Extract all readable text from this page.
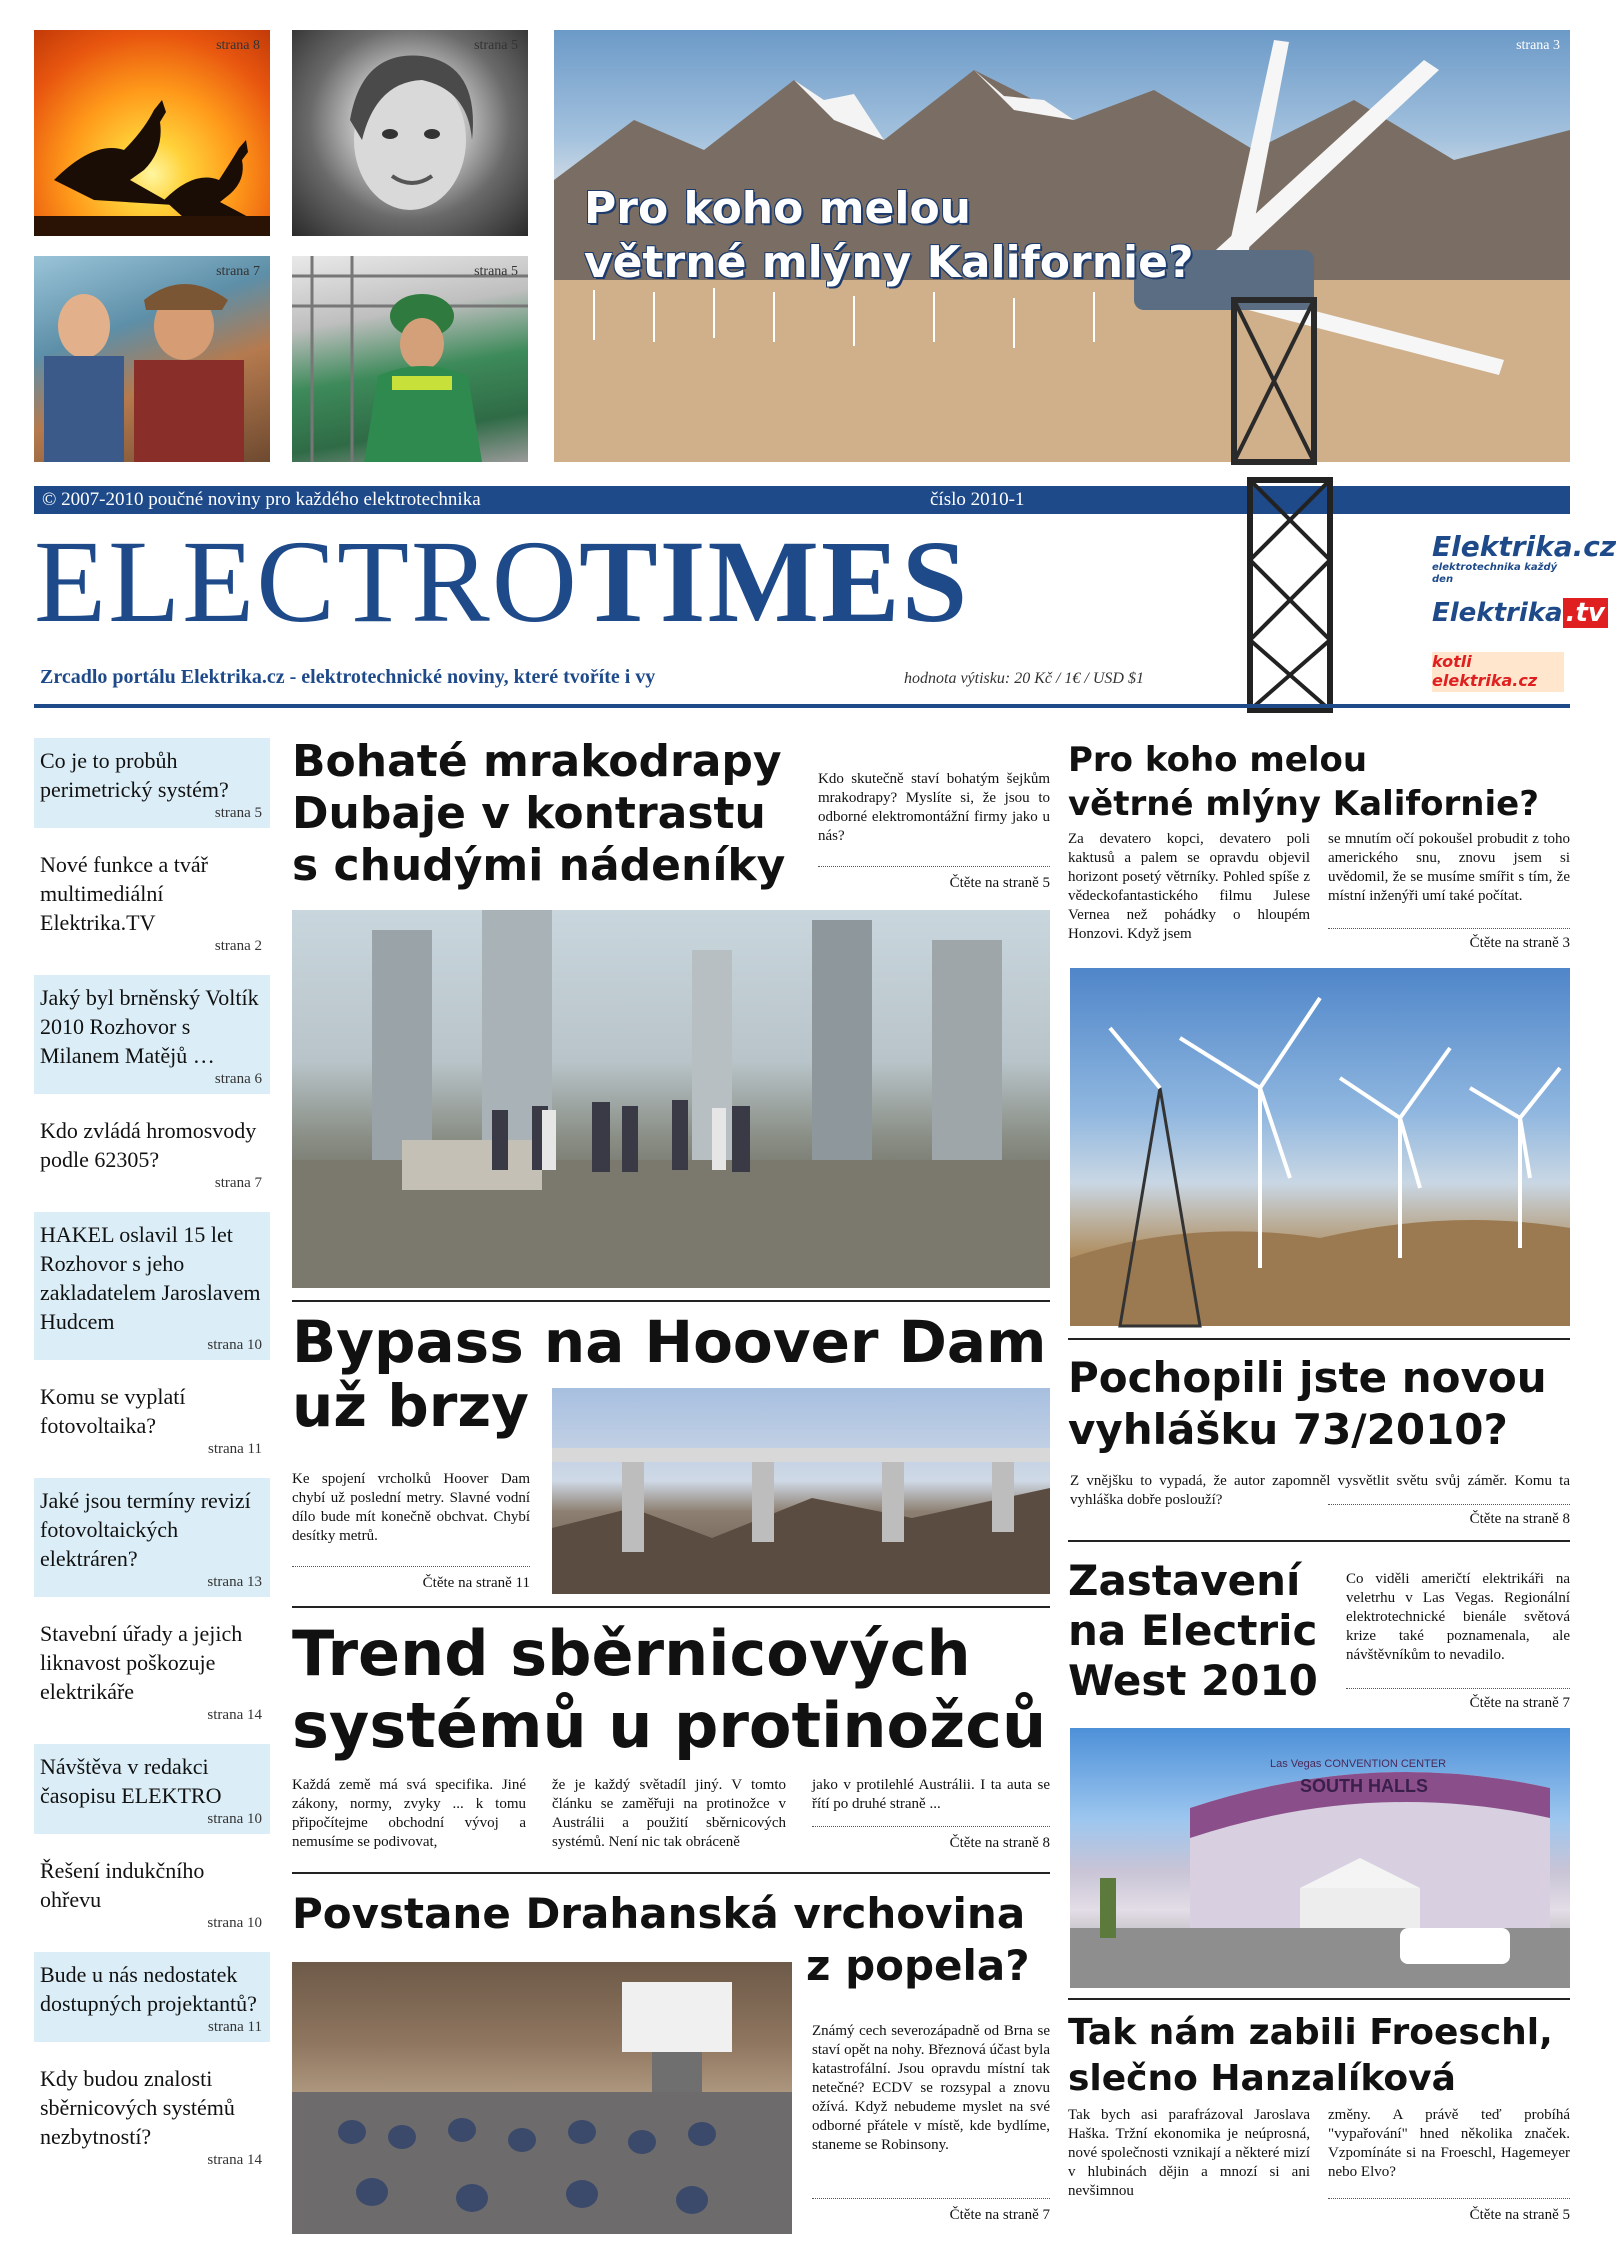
strana 8	strana 5
strana 7	strana 5
strana 3
Pro koho melou
větrné mlýny Kalifornie?
© 2007-2010 poučné noviny pro každého elektrotechnika	číslo 2010-1
ELECTROTIMES	Elektrika.cz
elektrotechnika každý den
Elektrika .tv
kotli elektrika.cz
Zrcadlo portálu Elektrika.cz - elektrotechnické noviny, které tvoříte i vy	hodnota výtisku: 20 Kč / 1€ / USD $1
Co je to probůh perimetrický systém?
strana 5
Nové funkce a tvář multimediální Elektrika.TV
strana 2
Jaký byl brněnský Voltík 2010 Rozhovor s Milanem Matějů …
strana 6
Kdo zvládá hromosvody podle 62305?
strana 7
HAKEL oslavil 15 let Rozhovor s jeho zakladatelem Jaroslavem Hudcem
strana 10
Komu se vyplatí fotovoltaika?
strana 11
Jaké jsou termíny revizí fotovoltaických elektráren?
strana 13
Stavební úřady a jejich liknavost poškozuje elektrikáře
strana 14
Návštěva v redakci časopisu ELEKTRO
strana 10
Řešení indukčního ohřevu
strana 10
Bude u nás nedostatek dostupných projektantů?
strana 11
Kdy budou znalosti sběrnicových systémů nezbytností?
strana 14
Bohaté mrakodrapy
Dubaje v kontrastu
s chudými nádeníky
Kdo skutečně staví bohatým šejkům mrakodrapy? Myslíte si, že jsou to odborné elektromontážní firmy jako u nás?
Čtěte na straně 5
Bypass na Hoover Dam
už brzy
Ke spojení vrcholků Hoover Dam chybí už poslední metry. Slavné vodní dílo bude mít konečně obchvat. Chybí desítky metrů.
Čtěte na straně 11
Trend sběrnicových
systémů u protinožců
Každá země má svá specifika. Jiné zákony, normy, zvyky ... k tomu připočítejme obchodní vývoj a nemusíme se podivovat,
že je každý světadíl jiný. V tomto článku se zaměřuji na protinožce v Austrálii a použití sběrnicových systémů. Není nic tak obráceně
jako v protilehlé Austrálii. I ta auta se řítí po druhé straně ...
Čtěte na straně 8
Povstane Drahanská vrchovina
z popela?
Známý cech severozápadně od Brna se staví opět na nohy. Březnová účast byla katastrofální. Jsou opravdu místní tak netečné? ECDV se rozsypal a znovu ožívá. Když nebudeme myslet na své odborné přátele v místě, kde bydlíme, staneme se Robinsony.
Čtěte na straně 7
Pro koho melou
větrné mlýny Kalifornie?
Za devatero kopci, devatero poli kaktusů a palem se opravdu objevil horizont posetý větrníky. Pohled spíše z vědeckofantastického filmu Julese Vernea než pohádky o hloupém Honzovi. Když jsem
se mnutím očí pokoušel probudit z toho amerického snu, znovu jsem si uvědomil, že se musíme smířit s tím, že místní inženýři umí také počítat.
Čtěte na straně 3
Pochopili jste novou
vyhlášku 73/2010?
Z vnějšku to vypadá, že autor zapomněl vysvětlit světu svůj záměr. Komu ta vyhláška dobře poslouží?
Čtěte na straně 8
Zastavení
na Electric
West 2010
Co viděli američtí elektrikáři na veletrhu v Las Vegas. Regionální elektrotechnické bienále světová krize také poznamenala, ale návštěvníkům to nevadilo.
Čtěte na straně 7
Las Vegas CONVENTION CENTER
SOUTH HALLS
Tak nám zabili Froeschl,
slečno Hanzalíková
Tak bych asi parafrázoval Jaroslava Haška. Tržní ekonomika je neúprosná, nové společnosti vznikají a některé mizí v hlubinách dějin a mnozí si ani nevšimnou
změny. A právě teď probíhá "vypařování" hned několika značek. Vzpomínáte si na Froeschl, Hagemeyer nebo Elvo?
Čtěte na straně 5
